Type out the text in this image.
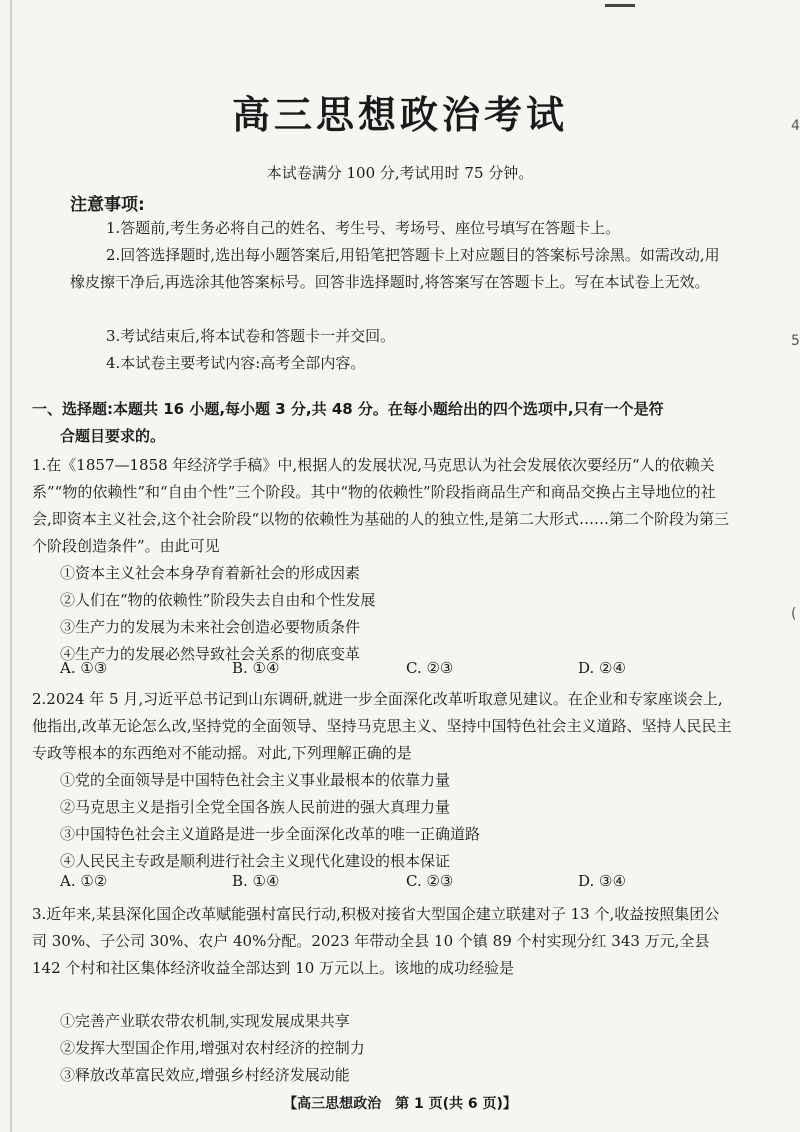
4
5
(
高三思想政治考试
本试卷满分 100 分,考试用时 75 分钟。
注意事项:
1.答题前,考生务必将自己的姓名、考生号、考场号、座位号填写在答题卡上。
2.回答选择题时,选出每小题答案后,用铅笔把答题卡上对应题目的答案标号涂黑。如需改动,用橡皮擦干净后,再选涂其他答案标号。回答非选择题时,将答案写在答题卡上。写在本试卷上无效。
3.考试结束后,将本试卷和答题卡一并交回。
4.本试卷主要考试内容:高考全部内容。
一、选择题:本题共 16 小题,每小题 3 分,共 48 分。在每小题给出的四个选项中,只有一个是符
合题目要求的。
1.在《1857—1858 年经济学手稿》中,根据人的发展状况,马克思认为社会发展依次要经历“人的依赖关系”“物的依赖性”和“自由个性”三个阶段。其中“物的依赖性”阶段指商品生产和商品交换占主导地位的社会,即资本主义社会,这个社会阶段“以物的依赖性为基础的人的独立性,是第二大形式……第二个阶段为第三个阶段创造条件”。由此可见
①资本主义社会本身孕育着新社会的形成因素
②人们在“物的依赖性”阶段失去自由和个性发展
③生产力的发展为未来社会创造必要物质条件
④生产力的发展必然导致社会关系的彻底变革
A. ①③	B. ①④	C. ②③	D. ②④
2.2024 年 5 月,习近平总书记到山东调研,就进一步全面深化改革听取意见建议。在企业和专家座谈会上,他指出,改革无论怎么改,坚持党的全面领导、坚持马克思主义、坚持中国特色社会主义道路、坚持人民民主专政等根本的东西绝对不能动摇。对此,下列理解正确的是
①党的全面领导是中国特色社会主义事业最根本的依靠力量
②马克思主义是指引全党全国各族人民前进的强大真理力量
③中国特色社会主义道路是进一步全面深化改革的唯一正确道路
④人民民主专政是顺利进行社会主义现代化建设的根本保证
A. ①②	B. ①④	C. ②③	D. ③④
3.近年来,某县深化国企改革赋能强村富民行动,积极对接省大型国企建立联建对子 13 个,收益按照集团公司 30%、子公司 30%、农户 40%分配。2023 年带动全县 10 个镇 89 个村实现分红 343 万元,全县 142 个村和社区集体经济收益全部达到 10 万元以上。该地的成功经验是
①完善产业联农带农机制,实现发展成果共享
②发挥大型国企作用,增强对农村经济的控制力
③释放改革富民效应,增强乡村经济发展动能
【高三思想政治　第 1 页(共 6 页)】
